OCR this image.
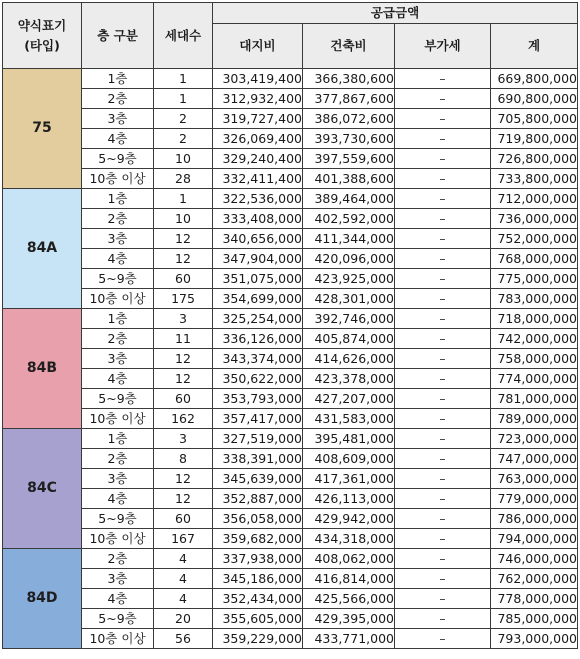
약식표기
(타입)	층 구분	세대수	공급금액			
			대지비	건축비	부가세	계
75	1층	1	303,419,400	366,380,600	–	669,800,000
	2층	1	312,932,400	377,867,600	–	690,800,000
	3층	2	319,727,400	386,072,600	–	705,800,000
	4층	2	326,069,400	393,730,600	–	719,800,000
	5~9층	10	329,240,400	397,559,600	–	726,800,000
	10층 이상	28	332,411,400	401,388,600	–	733,800,000
84A	1층	1	322,536,000	389,464,000	–	712,000,000
	2층	10	333,408,000	402,592,000	–	736,000,000
	3층	12	340,656,000	411,344,000	–	752,000,000
	4층	12	347,904,000	420,096,000	–	768,000,000
	5~9층	60	351,075,000	423,925,000	–	775,000,000
	10층 이상	175	354,699,000	428,301,000	–	783,000,000
84B	1층	3	325,254,000	392,746,000	–	718,000,000
	2층	11	336,126,000	405,874,000	–	742,000,000
	3층	12	343,374,000	414,626,000	–	758,000,000
	4층	12	350,622,000	423,378,000	–	774,000,000
	5~9층	60	353,793,000	427,207,000	–	781,000,000
	10층 이상	162	357,417,000	431,583,000	–	789,000,000
84C	1층	3	327,519,000	395,481,000	–	723,000,000
	2층	8	338,391,000	408,609,000	–	747,000,000
	3층	12	345,639,000	417,361,000	–	763,000,000
	4층	12	352,887,000	426,113,000	–	779,000,000
	5~9층	60	356,058,000	429,942,000	–	786,000,000
	10층 이상	167	359,682,000	434,318,000	–	794,000,000
84D	2층	4	337,938,000	408,062,000	–	746,000,000
	3층	4	345,186,000	416,814,000	–	762,000,000
	4층	4	352,434,000	425,566,000	–	778,000,000
	5~9층	20	355,605,000	429,395,000	–	785,000,000
	10층 이상	56	359,229,000	433,771,000	–	793,000,000
